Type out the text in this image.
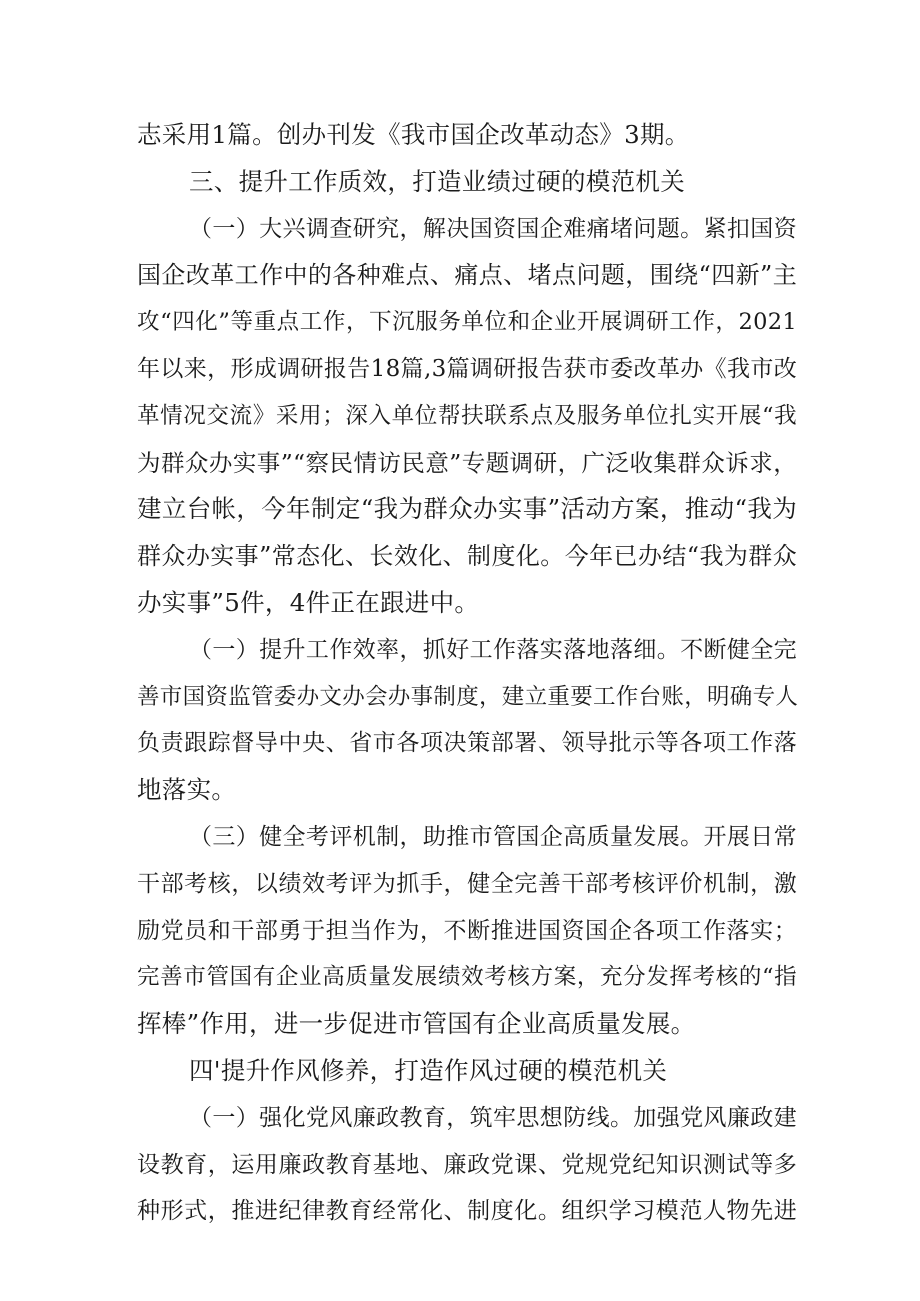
志采用1篇。创办刊发《我市国企改革动态》3期。
三、提升工作质效，打造业绩过硬的模范机关
（一）大兴调查研究，解决国资国企难痛堵问题。紧扣国资
国企改革工作中的各种难点、痛点、堵点问题，围绕“四新”主
攻“四化”等重点工作，下沉服务单位和企业开展调研工作，2021
年以来，形成调研报告18篇,3篇调研报告获市委改革办《我市改
革情况交流》采用；深入单位帮扶联系点及服务单位扎实开展“我
为群众办实事”“察民情访民意”专题调研，广泛收集群众诉求，
建立台帐，今年制定“我为群众办实事”活动方案，推动“我为
群众办实事”常态化、长效化、制度化。今年已办结“我为群众
办实事”5件，4件正在跟进中。
（一）提升工作效率，抓好工作落实落地落细。不断健全完
善市国资监管委办文办会办事制度，建立重要工作台账，明确专人
负责跟踪督导中央、省市各项决策部署、领导批示等各项工作落
地落实。
（三）健全考评机制，助推市管国企高质量发展。开展日常
干部考核，以绩效考评为抓手，健全完善干部考核评价机制，激
励党员和干部勇于担当作为，不断推进国资国企各项工作落实；
完善市管国有企业高质量发展绩效考核方案，充分发挥考核的“指
挥棒”作用，进一步促进市管国有企业高质量发展。
四'提升作风修养，打造作风过硬的模范机关
（一）强化党风廉政教育，筑牢思想防线。加强党风廉政建
设教育，运用廉政教育基地、廉政党课、党规党纪知识测试等多
种形式，推进纪律教育经常化、制度化。组织学习模范人物先进
